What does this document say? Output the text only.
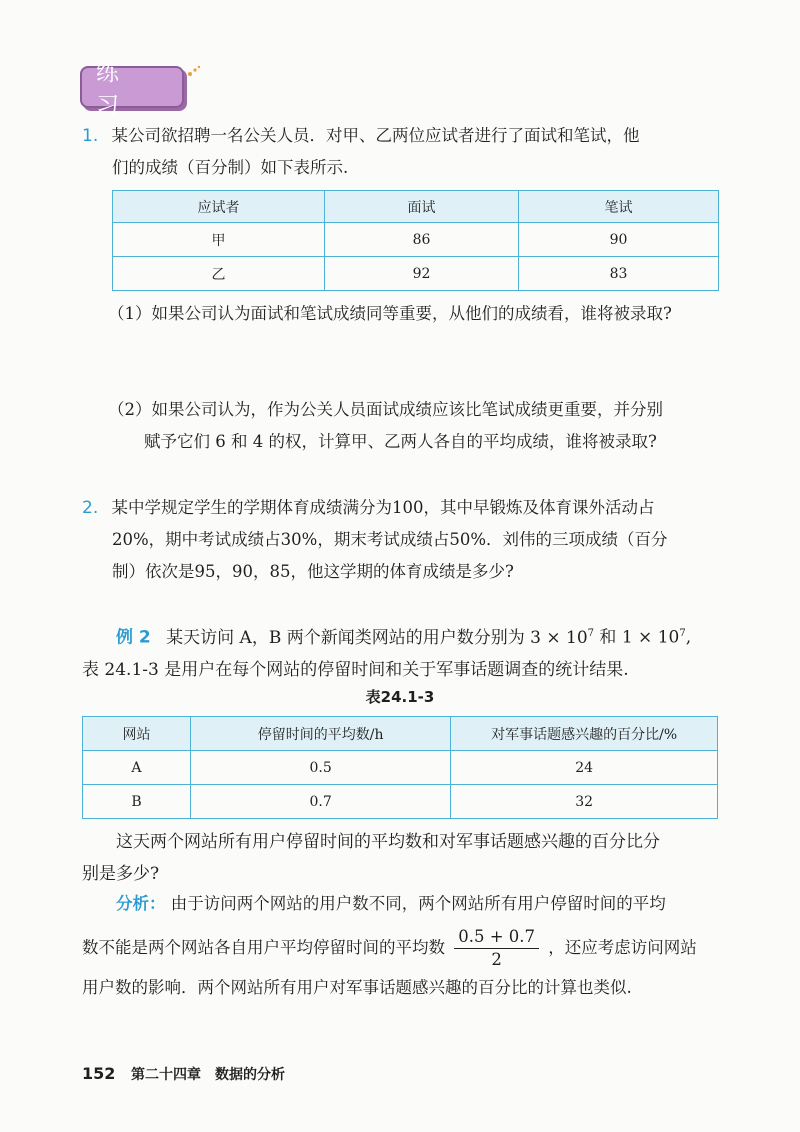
练 习
1. 某公司欲招聘一名公关人员．对甲、乙两位应试者进行了面试和笔试，他
们的成绩（百分制）如下表所示.
应试者	面试	笔试
甲	86	90
乙	92	83
（1）如果公司认为面试和笔试成绩同等重要，从他们的成绩看，谁将被录取?
（2）如果公司认为，作为公关人员面试成绩应该比笔试成绩更重要，并分别
赋予它们 6 和 4 的权，计算甲、乙两人各自的平均成绩，谁将被录取?
2. 某中学规定学生的学期体育成绩满分为100，其中早锻炼及体育课外活动占
20%，期中考试成绩占30%，期末考试成绩占50%．刘伟的三项成绩（百分
制）依次是95，90，85，他这学期的体育成绩是多少?
例 2 某天访问 A，B 两个新闻类网站的用户数分别为 $3 \times 10^7$ 和 $1 \times 10^7$,
表 24.1-3 是用户在每个网站的停留时间和关于军事话题调查的统计结果.
表24.1-3
网站	停留时间的平均数/h	对军事话题感兴趣的百分比/%
A	0.5	24
B	0.7	32
这天两个网站所有用户停留时间的平均数和对军事话题感兴趣的百分比分
别是多少?
分析： 由于访问两个网站的用户数不同，两个网站所有用户停留时间的平均
数不能是两个网站各自用户平均停留时间的平均数 $\frac{0.5 + 0.7}{2}$ ，还应考虑访问网站
用户数的影响．两个网站所有用户对军事话题感兴趣的百分比的计算也类似.
152 第二十四章　数据的分析
